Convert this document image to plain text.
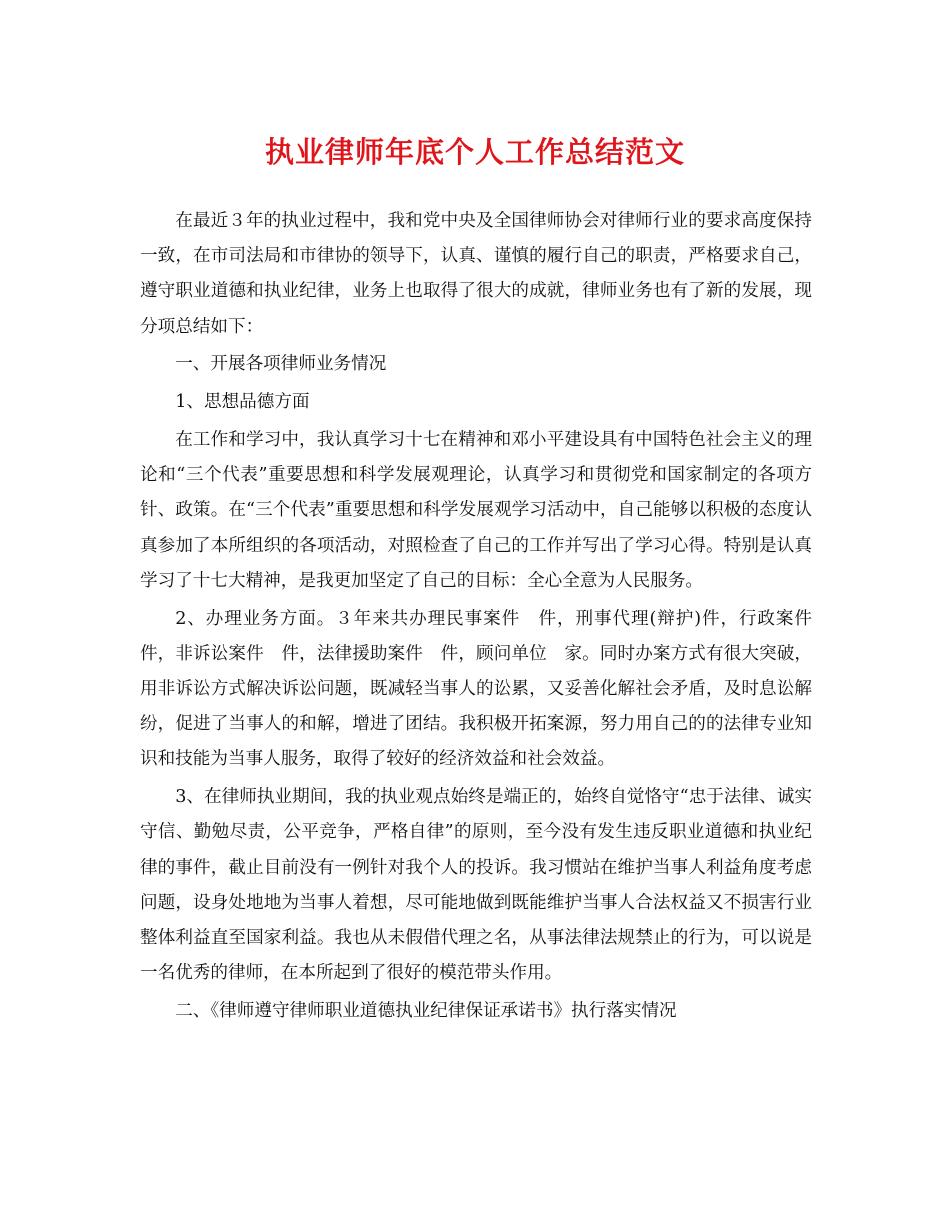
执业律师年底个人工作总结范文

在最近３年的执业过程中，我和党中央及全国律师协会对律师行业的要求高度保持一致，在市司法局和市律协的领导下，认真、谨慎的履行自己的职责，严格要求自己，遵守职业道德和执业纪律，业务上也取得了很大的成就，律师业务也有了新的发展，现分项总结如下：

一、开展各项律师业务情况

1、思想品德方面

在工作和学习中，我认真学习十七在精神和邓小平建设具有中国特色社会主义的理论和“三个代表”重要思想和科学发展观理论，认真学习和贯彻党和国家制定的各项方针、政策。在“三个代表”重要思想和科学发展观学习活动中，自己能够以积极的态度认真参加了本所组织的各项活动，对照检查了自己的工作并写出了学习心得。特别是认真学习了十七大精神，是我更加坚定了自己的目标：全心全意为人民服务。

2、办理业务方面。３年来共办理民事案件　件，刑事代理(辩护)件，行政案件　件，非诉讼案件　件，法律援助案件　件，顾问单位　家。同时办案方式有很大突破，用非诉讼方式解决诉讼问题，既减轻当事人的讼累，又妥善化解社会矛盾，及时息讼解纷，促进了当事人的和解，增进了团结。我积极开拓案源，努力用自己的的法律专业知识和技能为当事人服务，取得了较好的经济效益和社会效益。

3、在律师执业期间，我的执业观点始终是端正的，始终自觉恪守“忠于法律、诚实守信、勤勉尽责，公平竞争，严格自律”的原则，至今没有发生违反职业道德和执业纪律的事件，截止目前没有一例针对我个人的投诉。我习惯站在维护当事人利益角度考虑问题，设身处地地为当事人着想，尽可能地做到既能维护当事人合法权益又不损害行业整体利益直至国家利益。我也从未假借代理之名，从事法律法规禁止的行为，可以说是一名优秀的律师，在本所起到了很好的模范带头作用。

二、《律师遵守律师职业道德执业纪律保证承诺书》执行落实情况
